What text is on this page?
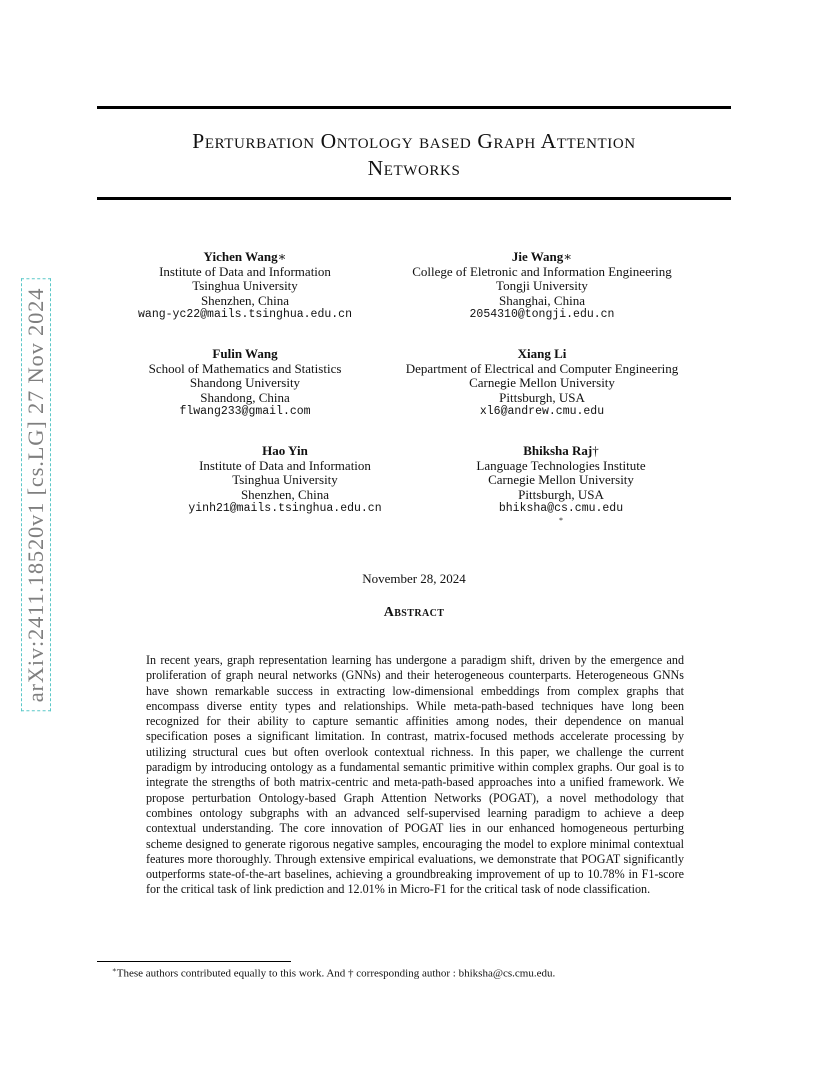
arXiv:2411.18520v1 [cs.LG] 27 Nov 2024
Perturbation Ontology based Graph Attention
Networks
Yichen Wang∗
Institute of Data and Information
Tsinghua University
Shenzhen, China
wang-yc22@mails.tsinghua.edu.cn
Jie Wang∗
College of Eletronic and Information Engineering
Tongji University
Shanghai, China
2054310@tongji.edu.cn
Fulin Wang
School of Mathematics and Statistics
Shandong University
Shandong, China
flwang233@gmail.com
Xiang Li
Department of Electrical and Computer Engineering
Carnegie Mellon University
Pittsburgh, USA
xl6@andrew.cmu.edu
Hao Yin
Institute of Data and Information
Tsinghua University
Shenzhen, China
yinh21@mails.tsinghua.edu.cn
Bhiksha Raj†
Language Technologies Institute
Carnegie Mellon University
Pittsburgh, USA
bhiksha@cs.cmu.edu
*
November 28, 2024
Abstract
In recent years, graph representation learning has undergone a paradigm shift, driven by the emergence and proliferation of graph neural networks (GNNs) and their heterogeneous counterparts. Heterogeneous GNNs have shown remarkable success in extracting low-dimensional embeddings from complex graphs that encompass diverse entity types and relationships. While meta-path-based techniques have long been recognized for their ability to capture semantic affinities among nodes, their dependence on manual specification poses a significant limitation. In contrast, matrix-focused methods accelerate processing by utilizing structural cues but often overlook contextual richness. In this paper, we challenge the current paradigm by introducing ontology as a fundamental semantic primitive within complex graphs. Our goal is to integrate the strengths of both matrix-centric and meta-path-based approaches into a unified framework. We propose perturbation Ontology-based Graph Attention Networks (POGAT), a novel methodology that combines ontology subgraphs with an advanced self-supervised learning paradigm to achieve a deep contextual understanding. The core innovation of POGAT lies in our enhanced homogeneous perturbing scheme designed to generate rigorous negative samples, encouraging the model to explore minimal contextual features more thoroughly. Through extensive empirical evaluations, we demonstrate that POGAT significantly outperforms state-of-the-art baselines, achieving a groundbreaking improvement of up to 10.78% in F1-score for the critical task of link prediction and 12.01% in Micro-F1 for the critical task of node classification.
∗These authors contributed equally to this work. And † corresponding author : bhiksha@cs.cmu.edu.
